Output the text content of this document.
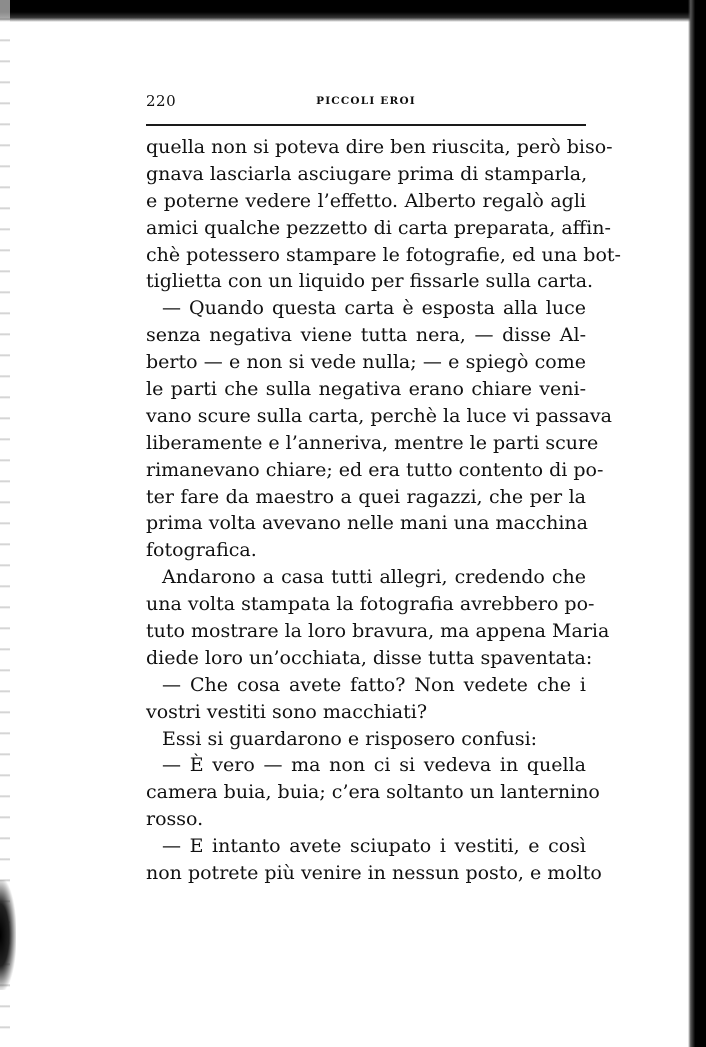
220	PICCOLI EROI
quella non si poteva dire ben riuscita, però biso-
gnava lasciarla asciugare prima di stamparla,
e poterne vedere l’effetto. Alberto regalò agli
amici qualche pezzetto di carta preparata, affin-
chè potessero stampare le fotografie, ed una bot-
tiglietta con un liquido per fissarle sulla carta.
— Quando questa carta è esposta alla luce
senza negativa viene tutta nera, — disse Al-
berto — e non si vede nulla; — e spiegò come
le parti che sulla negativa erano chiare veni-
vano scure sulla carta, perchè la luce vi passava
liberamente e l’anneriva, mentre le parti scure
rimanevano chiare; ed era tutto contento di po-
ter fare da maestro a quei ragazzi, che per la
prima volta avevano nelle mani una macchina
fotografica.
Andarono a casa tutti allegri, credendo che
una volta stampata la fotografia avrebbero po-
tuto mostrare la loro bravura, ma appena Maria
diede loro un’occhiata, disse tutta spaventata:
— Che cosa avete fatto? Non vedete che i
vostri vestiti sono macchiati?
Essi si guardarono e risposero confusi:
— È vero — ma non ci si vedeva in quella
camera buia, buia; c’era soltanto un lanternino
rosso.
— E intanto avete sciupato i vestiti, e così
non potrete più venire in nessun posto, e molto
